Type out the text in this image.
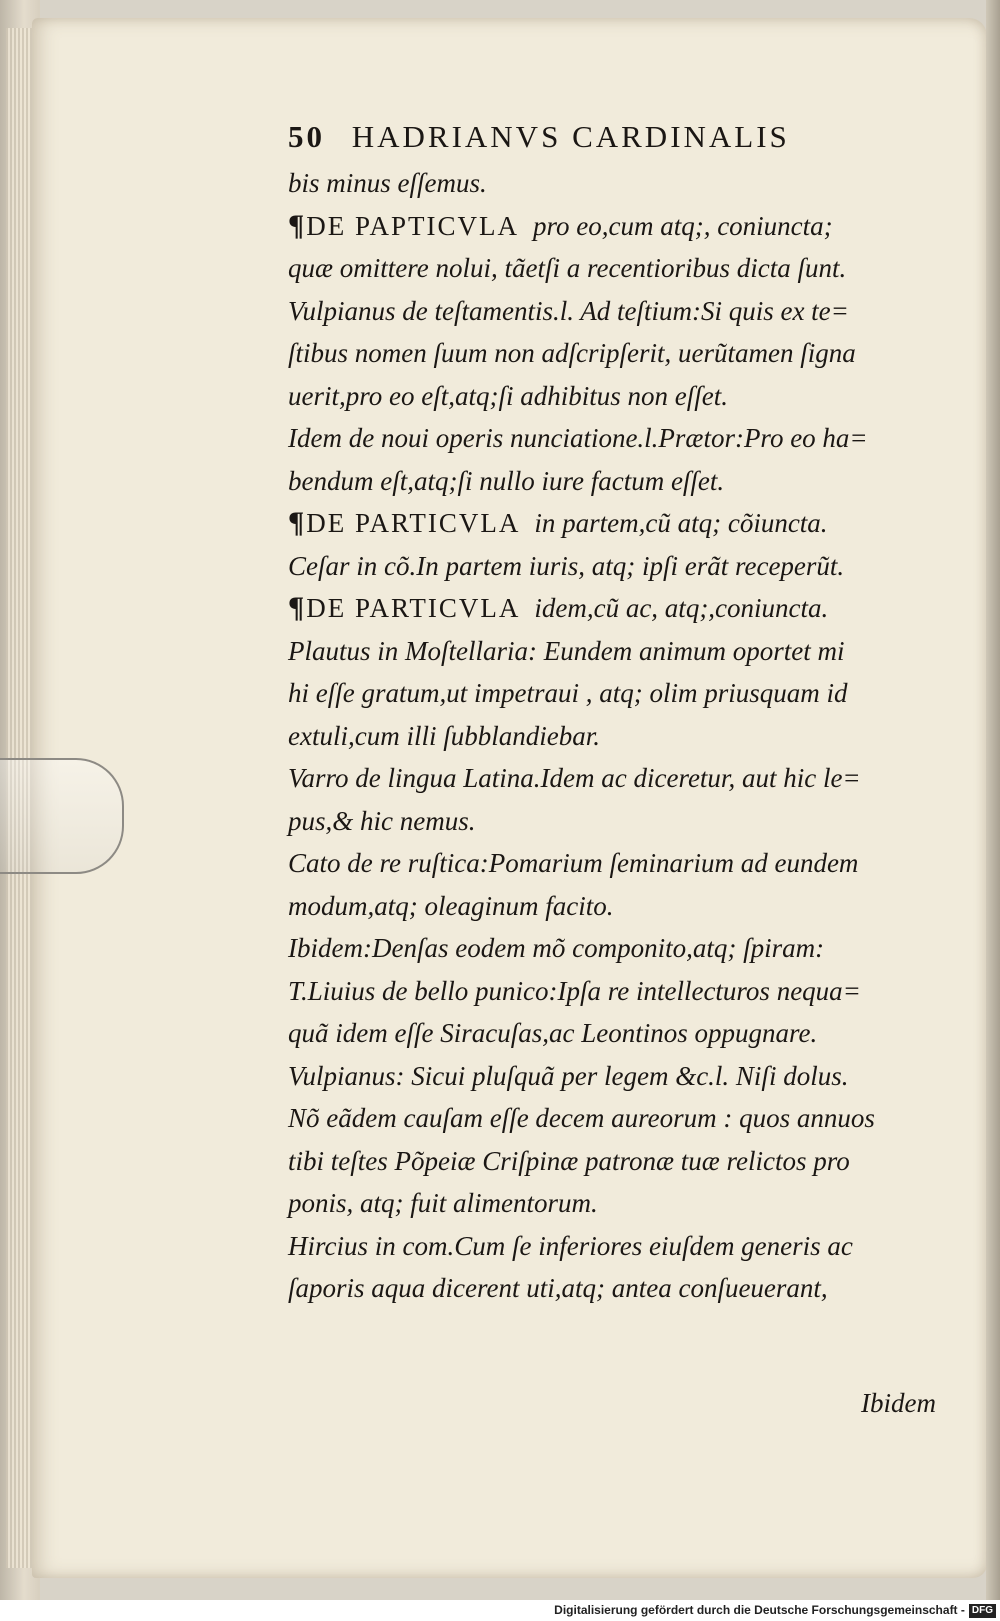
50 HADRIANVS CARDINALIS
bis minus eſſemus.
¶DE PAPTICVLA pro eo,cum atq;, coniuncta;
quæ omittere nolui, tãetſi a recentioribus dicta ſunt.
Vulpianus de teſtamentis.l. Ad teſtium:Si quis ex te=
ſtibus nomen ſuum non adſcripſerit, uerũtamen ſigna
uerit,pro eo eſt,atq;ſi adhibitus non eſſet.
Idem de noui operis nunciatione.l.Prætor:Pro eo ha=
bendum eſt,atq;ſi nullo iure factum eſſet.
¶DE PARTICVLA in partem,cũ atq; cõiuncta.
Ceſar in cõ.In partem iuris, atq; ipſi erãt receperũt.
¶DE PARTICVLA idem,cũ ac, atq;,coniuncta.
Plautus in Moſtellaria: Eundem animum oportet mi
hi eſſe gratum,ut impetraui , atq; olim priusquam id
extuli,cum illi ſubblandiebar.
Varro de lingua Latina.Idem ac diceretur, aut hic le=
pus,& hic nemus.
Cato de re ruſtica:Pomarium ſeminarium ad eundem
modum,atq; oleaginum facito.
Ibidem:Denſas eodem mõ componito,atq; ſpiram:
T.Liuius de bello punico:Ipſa re intellecturos nequa=
quã idem eſſe Siracuſas,ac Leontinos oppugnare.
Vulpianus: Sicui pluſquã per legem &c.l. Niſi dolus.
Nõ eãdem cauſam eſſe decem aureorum : quos annuos
tibi teſtes Põpeiæ Criſpinæ patronæ tuæ relictos pro
ponis, atq; fuit alimentorum.
Hircius in com.Cum ſe inferiores eiuſdem generis ac
ſaporis aqua dicerent uti,atq; antea conſueuerant,
Ibidem
Digitalisierung gefördert durch die Deutsche Forschungsgemeinschaft - DFG
